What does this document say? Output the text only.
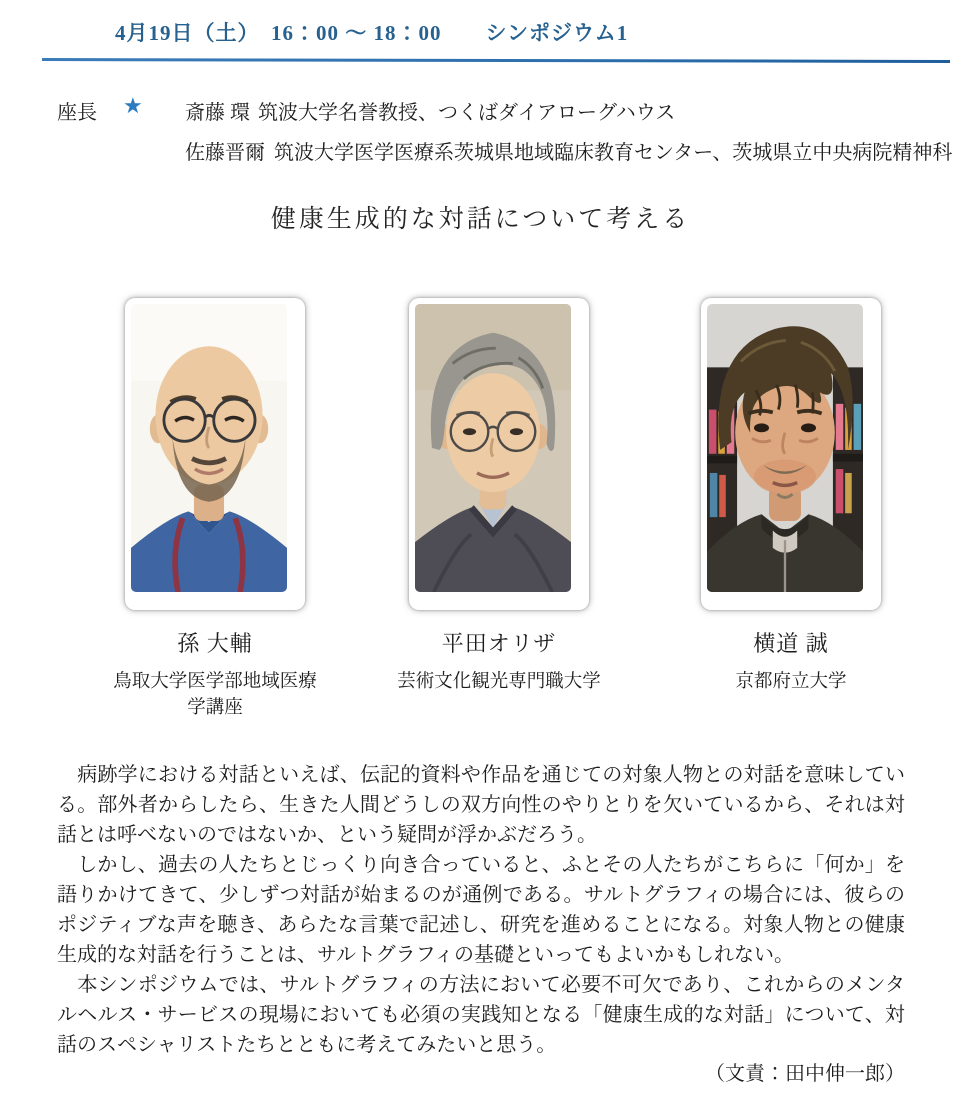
4月19日（土）　16：00 ～ 18：00　　シンポジウム1
座長 ★ 斎藤 環 筑波大学名誉教授、つくばダイアローグハウス
佐藤晋爾 筑波大学医学医療系茨城県地域臨床教育センター、茨城県立中央病院精神科
健康生成的な対話について考える
孫 大輔
鳥取大学医学部地域医療学講座
平田オリザ
芸術文化観光専門職大学
横道 誠
京都府立大学

　病跡学における対話といえば、伝記的資料や作品を通じての対象人物との対話を意味している。部外者からしたら、生きた人間どうしの双方向性のやりとりを欠いているから、それは対話とは呼べないのではないか、という疑問が浮かぶだろう。

　しかし、過去の人たちとじっくり向き合っていると、ふとその人たちがこちらに「何か」を語りかけてきて、少しずつ対話が始まるのが通例である。サルトグラフィの場合には、彼らのポジティブな声を聴き、あらたな言葉で記述し、研究を進めることになる。対象人物との健康生成的な対話を行うことは、サルトグラフィの基礎といってもよいかもしれない。

　本シンポジウムでは、サルトグラフィの方法において必要不可欠であり、これからのメンタルヘルス・サービスの現場においても必須の実践知となる「健康生成的な対話」について、対話のスペシャリストたちとともに考えてみたいと思う。

（文責：田中伸一郎）
